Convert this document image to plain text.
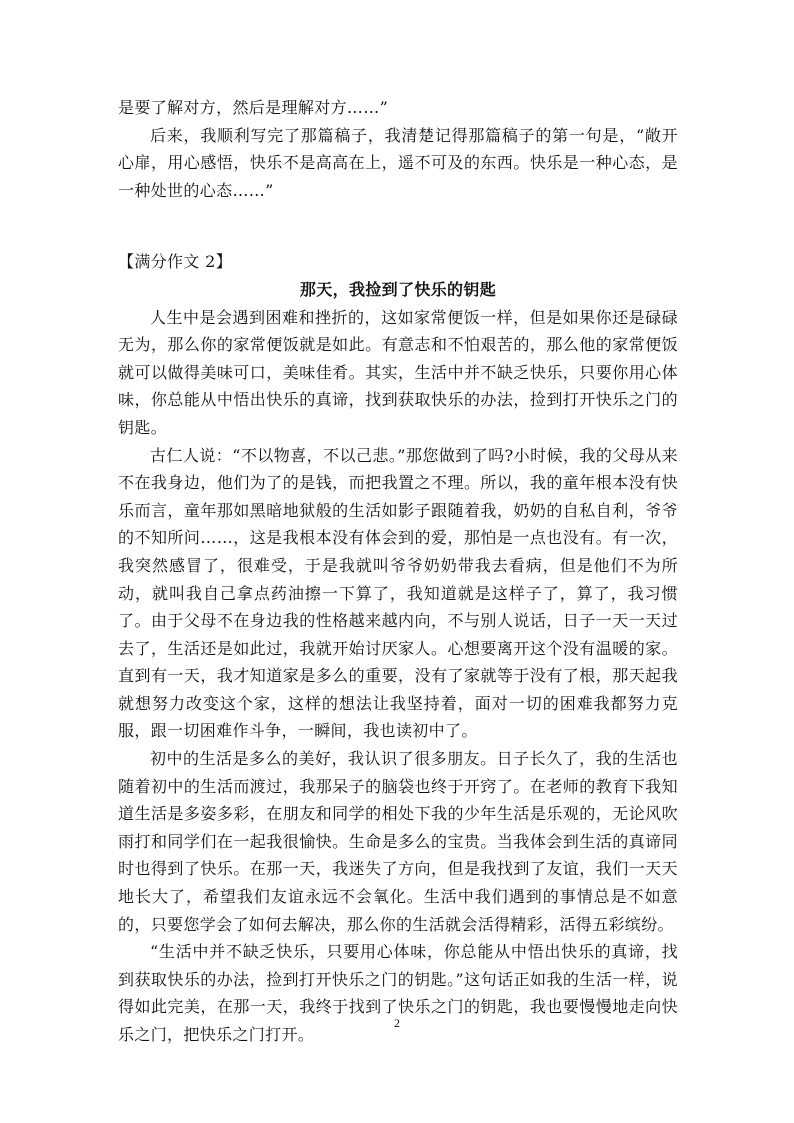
是要了解对方，然后是理解对方……”

后来，我顺利写完了那篇稿子，我清楚记得那篇稿子的第一句是，“敞开心扉，用心感悟，快乐不是高高在上，遥不可及的东西。快乐是一种心态，是一种处世的心态……”

【满分作文 2】

那天，我捡到了快乐的钥匙

人生中是会遇到困难和挫折的，这如家常便饭一样，但是如果你还是碌碌无为，那么你的家常便饭就是如此。有意志和不怕艰苦的，那么他的家常便饭就可以做得美味可口，美味佳肴。其实，生活中并不缺乏快乐，只要你用心体味，你总能从中悟出快乐的真谛，找到获取快乐的办法，捡到打开快乐之门的钥匙。

古仁人说：“不以物喜，不以己悲。”那您做到了吗?小时候，我的父母从来不在我身边，他们为了的是钱，而把我置之不理。所以，我的童年根本没有快乐而言，童年那如黑暗地狱般的生活如影子跟随着我，奶奶的自私自利，爷爷的不知所问……，这是我根本没有体会到的爱，那怕是一点也没有。有一次，我突然感冒了，很难受，于是我就叫爷爷奶奶带我去看病，但是他们不为所动，就叫我自己拿点药油擦一下算了，我知道就是这样子了，算了，我习惯了。由于父母不在身边我的性格越来越内向，不与别人说话，日子一天一天过去了，生活还是如此过，我就开始讨厌家人。心想要离开这个没有温暖的家。直到有一天，我才知道家是多么的重要，没有了家就等于没有了根，那天起我就想努力改变这个家，这样的想法让我坚持着，面对一切的困难我都努力克服，跟一切困难作斗争，一瞬间，我也读初中了。

初中的生活是多么的美好，我认识了很多朋友。日子长久了，我的生活也随着初中的生活而渡过，我那呆子的脑袋也终于开窍了。在老师的教育下我知道生活是多姿多彩，在朋友和同学的相处下我的少年生活是乐观的，无论风吹雨打和同学们在一起我很愉快。生命是多么的宝贵。当我体会到生活的真谛同时也得到了快乐。在那一天，我迷失了方向，但是我找到了友谊，我们一天天地长大了，希望我们友谊永远不会氧化。生活中我们遇到的事情总是不如意的，只要您学会了如何去解决，那么你的生活就会活得精彩，活得五彩缤纷。

“生活中并不缺乏快乐，只要用心体味，你总能从中悟出快乐的真谛，找到获取快乐的办法，捡到打开快乐之门的钥匙。”这句话正如我的生活一样，说得如此完美，在那一天，我终于找到了快乐之门的钥匙，我也要慢慢地走向快乐之门，把快乐之门打开。

2
